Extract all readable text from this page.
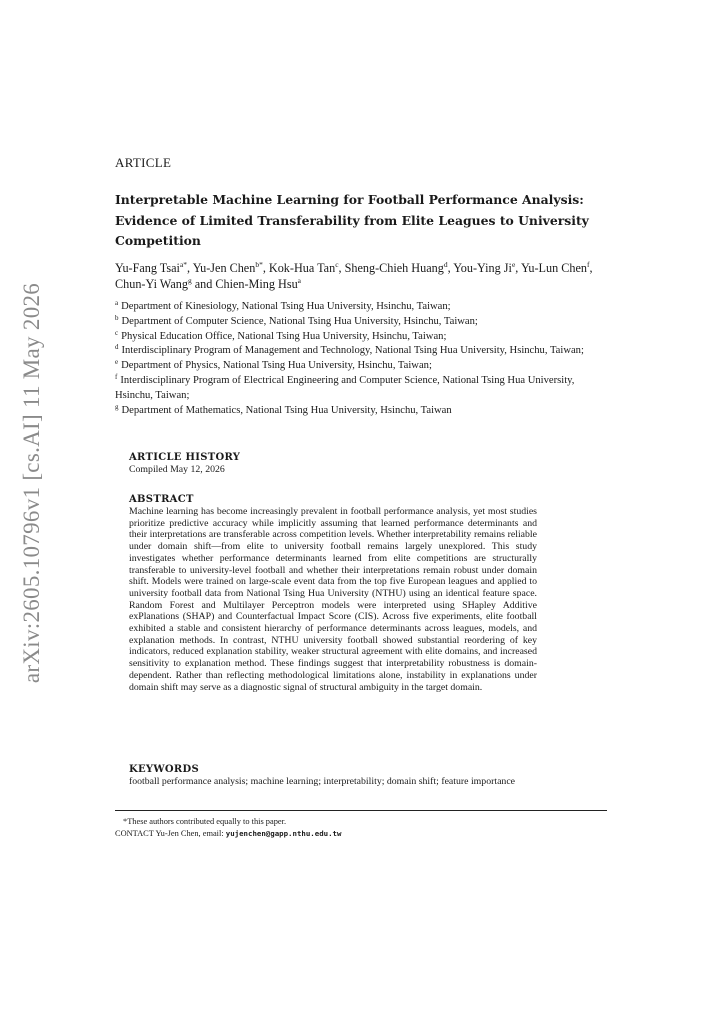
arXiv:2605.10796v1 [cs.AI] 11 May 2026
ARTICLE
Interpretable Machine Learning for Football Performance Analysis: Evidence of Limited Transferability from Elite Leagues to University Competition
Yu-Fang Tsai$^{a*}$, Yu-Jen Chen$^{b*}$, Kok-Hua Tan$^c$, Sheng-Chieh Huang$^d$, You-Ying Ji$^e$, Yu-Lun Chen$^f$, Chun-Yi Wang$^g$ and Chien-Ming Hsu$^a$
$^a$ Department of Kinesiology, National Tsing Hua University, Hsinchu, Taiwan;
$^b$ Department of Computer Science, National Tsing Hua University, Hsinchu, Taiwan;
$^c$ Physical Education Office, National Tsing Hua University, Hsinchu, Taiwan;
$^d$ Interdisciplinary Program of Management and Technology, National Tsing Hua University, Hsinchu, Taiwan;
$^e$ Department of Physics, National Tsing Hua University, Hsinchu, Taiwan;
$^f$ Interdisciplinary Program of Electrical Engineering and Computer Science, National Tsing Hua University, Hsinchu, Taiwan;
$^g$ Department of Mathematics, National Tsing Hua University, Hsinchu, Taiwan
ARTICLE HISTORY
Compiled May 12, 2026
ABSTRACT
Machine learning has become increasingly prevalent in football performance analysis, yet most studies prioritize predictive accuracy while implicitly assuming that learned performance determinants and their interpretations are transferable across competition levels. Whether interpretability remains reliable under domain shift—from elite to university football remains largely unexplored. This study investigates whether performance determinants learned from elite competitions are structurally transferable to university-level football and whether their interpretations remain robust under domain shift. Models were trained on large-scale event data from the top five European leagues and applied to university football data from National Tsing Hua University (NTHU) using an identical feature space. Random Forest and Multilayer Perceptron models were interpreted using SHapley Additive exPlanations (SHAP) and Counterfactual Impact Score (CIS). Across five experiments, elite football exhibited a stable and consistent hierarchy of performance determinants across leagues, models, and explanation methods. In contrast, NTHU university football showed substantial reordering of key indicators, reduced explanation stability, weaker structural agreement with elite domains, and increased sensitivity to explanation method. These findings suggest that interpretability robustness is domain-dependent. Rather than reflecting methodological limitations alone, instability in explanations under domain shift may serve as a diagnostic signal of structural ambiguity in the target domain.
KEYWORDS
football performance analysis; machine learning; interpretability; domain shift; feature importance
*These authors contributed equally to this paper.
CONTACT Yu-Jen Chen, email: yujenchen@gapp.nthu.edu.tw
